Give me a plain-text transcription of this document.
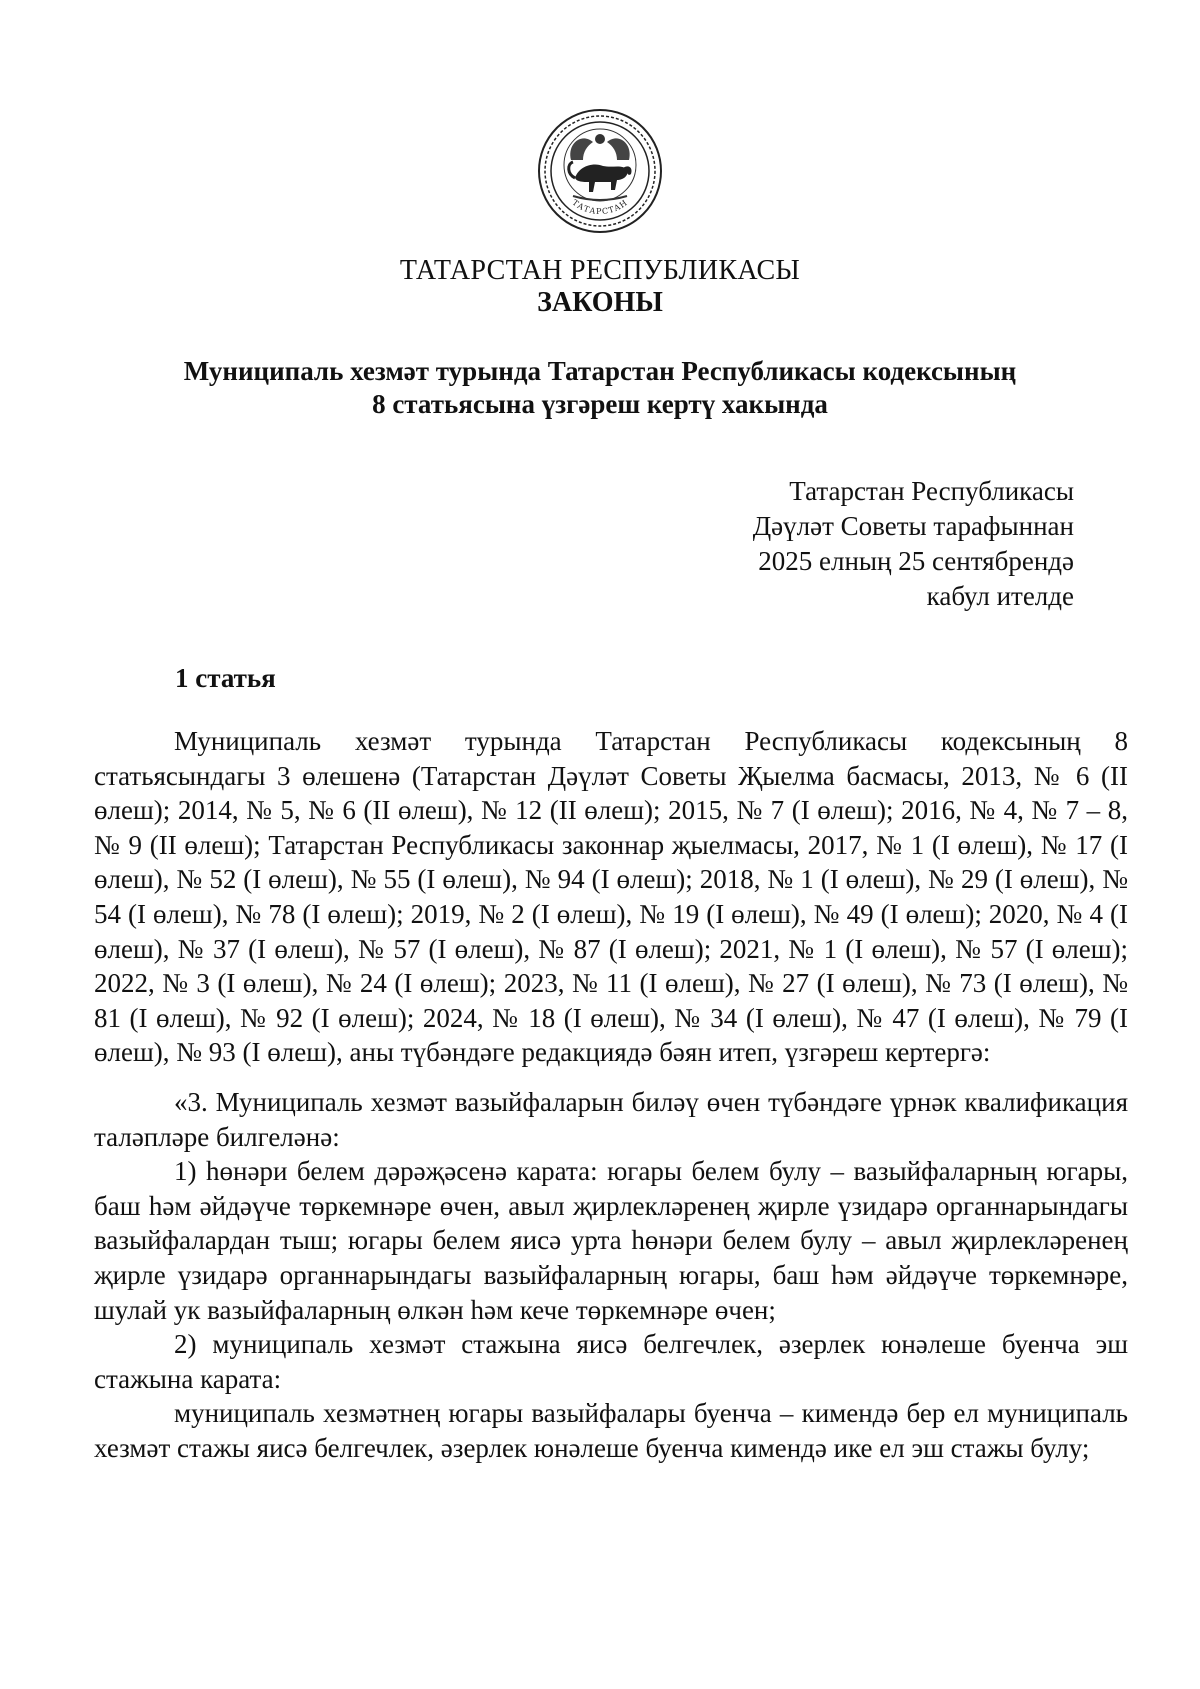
ТАТАРСТАН
ТАТАРСТАН РЕСПУБЛИКАСЫ
ЗАКОНЫ
Муниципаль хезмәт турында Татарстан Республикасы кодексының
8 статьясына үзгәреш кертү хакында
Татарстан Республикасы
Дәүләт Советы тарафыннан
2025 елның 25 сентябрендә
кабул ителде
1 статья

Муниципаль хезмәт турында Татарстан Республикасы кодексының 8 статьясындагы 3 өлешенә (Татарстан Дәүләт Советы Җыелма басмасы, 2013, № 6 (II өлеш); 2014, № 5, № 6 (II өлеш), № 12 (II өлеш); 2015, № 7 (I өлеш); 2016, № 4, № 7 – 8, № 9 (II өлеш); Татарстан Республикасы законнар җыелмасы, 2017, № 1 (I өлеш), № 17 (I өлеш), № 52 (I өлеш), № 55 (I өлеш), № 94 (I өлеш); 2018, № 1 (I өлеш), № 29 (I өлеш), № 54 (I өлеш), № 78 (I өлеш); 2019, № 2 (I өлеш), № 19 (I өлеш), № 49 (I өлеш); 2020, № 4 (I өлеш), № 37 (I өлеш), № 57 (I өлеш), № 87 (I өлеш); 2021, № 1 (I өлеш), № 57 (I өлеш); 2022, № 3 (I өлеш), № 24 (I өлеш); 2023, № 11 (I өлеш), № 27 (I өлеш), № 73 (I өлеш), № 81 (I өлеш), № 92 (I өлеш); 2024, № 18 (I өлеш), № 34 (I өлеш), № 47 (I өлеш), № 79 (I өлеш), № 93 (I өлеш), аны түбәндәге редакциядә бәян итеп, үзгәреш кертергә:

«3. Муниципаль хезмәт вазыйфаларын биләү өчен түбәндәге үрнәк квалификация таләпләре билгеләнә:

1) һөнәри белем дәрәҗәсенә карата: югары белем булу – вазыйфаларның югары, баш һәм әйдәүче төркемнәре өчен, авыл җирлекләренең җирле үзидарә органнарындагы вазыйфалардан тыш; югары белем яисә урта һөнәри белем булу – авыл җирлекләренең җирле үзидарә органнарындагы вазыйфаларның югары, баш һәм әйдәүче төркемнәре, шулай ук вазыйфаларның өлкән һәм кече төркемнәре өчен;

2) муниципаль хезмәт стажына яисә белгечлек, әзерлек юнәлеше буенча эш стажына карата:

муниципаль хезмәтнең югары вазыйфалары буенча – кимендә бер ел муниципаль хезмәт стажы яисә белгечлек, әзерлек юнәлеше буенча кимендә ике ел эш стажы булу;
